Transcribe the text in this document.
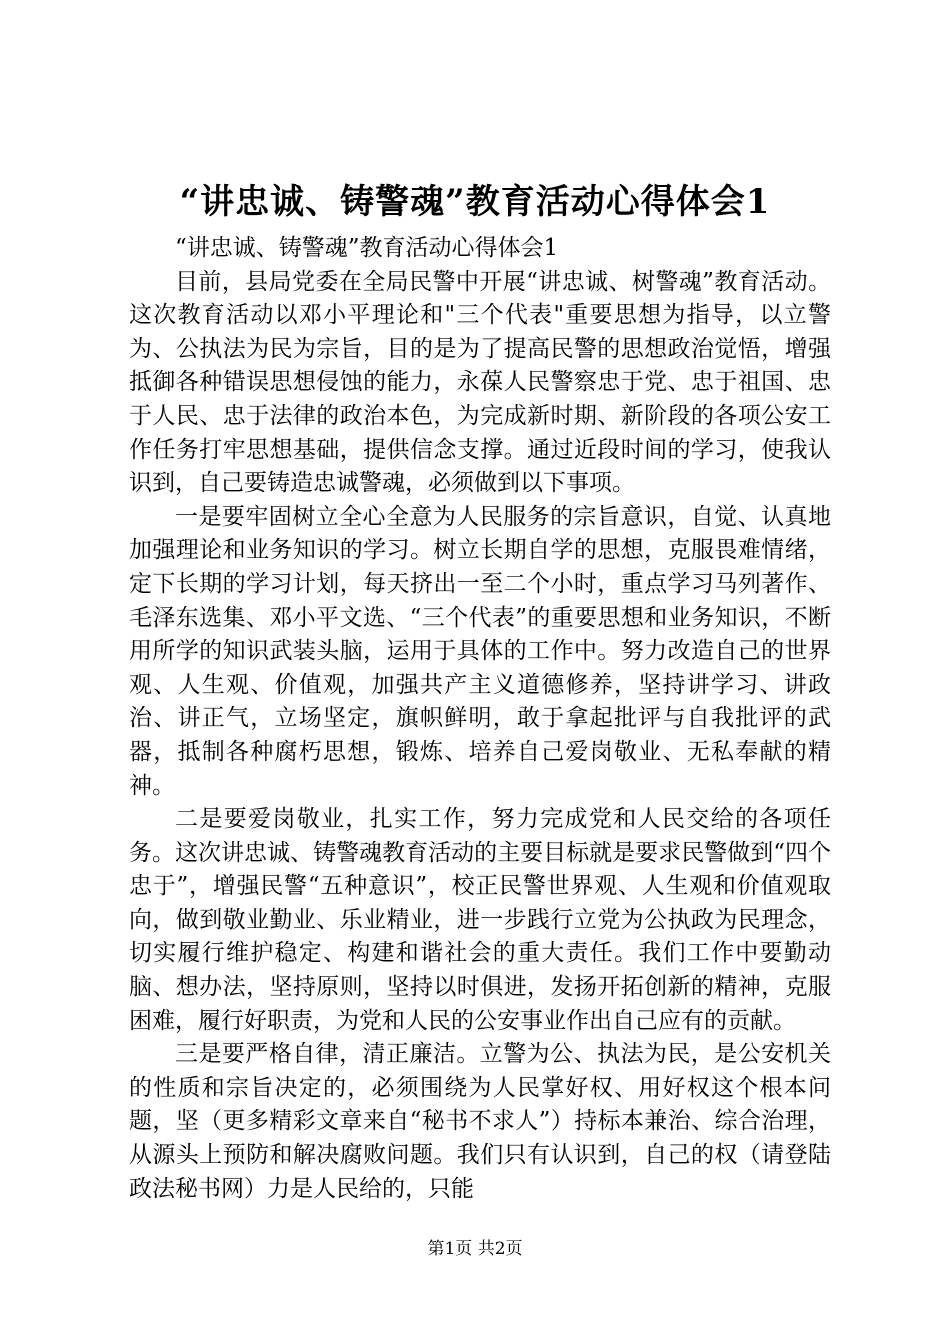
“讲忠诚、铸警魂”教育活动心得体会1

“讲忠诚、铸警魂”教育活动心得体会1

目前，县局党委在全局民警中开展“讲忠诚、树警魂”教育活动。这次教育活动以邓小平理论和"三个代表"重要思想为指导，以立警为、公执法为民为宗旨，目的是为了提高民警的思想政治觉悟，增强抵御各种错误思想侵蚀的能力，永葆人民警察忠于党、忠于祖国、忠于人民、忠于法律的政治本色，为完成新时期、新阶段的各项公安工作任务打牢思想基础，提供信念支撑。通过近段时间的学习，使我认识到，自己要铸造忠诚警魂，必须做到以下事项。

一是要牢固树立全心全意为人民服务的宗旨意识，自觉、认真地加强理论和业务知识的学习。树立长期自学的思想，克服畏难情绪，定下长期的学习计划，每天挤出一至二个小时，重点学习马列著作、毛泽东选集、邓小平文选、“三个代表”的重要思想和业务知识，不断用所学的知识武装头脑，运用于具体的工作中。努力改造自己的世界观、人生观、价值观，加强共产主义道德修养，坚持讲学习、讲政治、讲正气，立场坚定，旗帜鲜明，敢于拿起批评与自我批评的武器，抵制各种腐朽思想，锻炼、培养自己爱岗敬业、无私奉献的精神。

二是要爱岗敬业，扎实工作，努力完成党和人民交给的各项任务。这次讲忠诚、铸警魂教育活动的主要目标就是要求民警做到“四个忠于”，增强民警“五种意识”，校正民警世界观、人生观和价值观取向，做到敬业勤业、乐业精业，进一步践行立党为公执政为民理念，切实履行维护稳定、构建和谐社会的重大责任。我们工作中要勤动脑、想办法，坚持原则，坚持以时俱进，发扬开拓创新的精神，克服困难，履行好职责，为党和人民的公安事业作出自己应有的贡献。

三是要严格自律，清正廉洁。立警为公、执法为民，是公安机关的性质和宗旨决定的，必须围绕为人民掌好权、用好权这个根本问题，坚（更多精彩文章来自“秘书不求人”）持标本兼治、综合治理，从源头上预防和解决腐败问题。我们只有认识到，自己的权（请登陆政法秘书网）力是人民给的，只能

第1页 共2页
